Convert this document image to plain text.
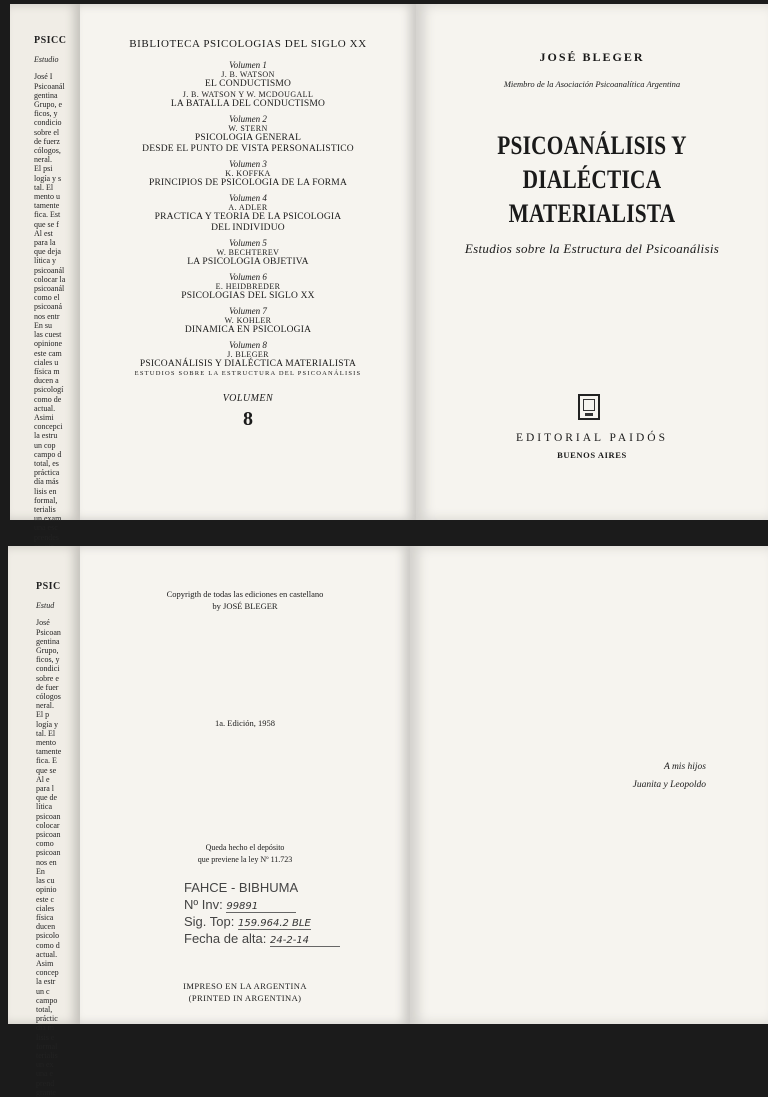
PSICC
Estudio
José I
Psicoanál
gentina
Grupo, e
ficos, y
condicio
sobre el
de fuerz
cólogos,
neral.
El psi
logía y s
tal. El
mento u
tamente
fica. Est
que se f
Al est
para la
que deja
lítica y
psicoanál
colocar la
psicoanál
como el
psicoaná
nos entr
En su
las cuest
opinione
este cam
ciales u
física m
ducen a
psicologí
como de
actual.
Asimi
concepci
la estru
un cop
campo d
total, es
práctica
día más
lisis en
formal,
terialis
un exam
una esc
prendes
BIBLIOTECA PSICOLOGIAS DEL SIGLO XX
Volumen 1
J. B. WATSON
EL CONDUCTISMO
J. B. WATSON Y W. MCDOUGALL
LA BATALLA DEL CONDUCTISMO
Volumen 2
W. STERN
PSICOLOGIA GENERAL
DESDE EL PUNTO DE VISTA PERSONALISTICO
Volumen 3
K. KOFFKA
PRINCIPIOS DE PSICOLOGIA DE LA FORMA
Volumen 4
A. ADLER
PRACTICA Y TEORIA DE LA PSICOLOGIA
DEL INDIVIDUO
Volumen 5
W. BECHTEREV
LA PSICOLOGIA OBJETIVA
Volumen 6
E. HEIDBREDER
PSICOLOGIAS DEL SIGLO XX
Volumen 7
W. KOHLER
DINAMICA EN PSICOLOGIA
Volumen 8
J. BLEGER
PSICOANÁLISIS Y DIALÉCTICA MATERIALISTA
ESTUDIOS SOBRE LA ESTRUCTURA DEL PSICOANÁLISIS
VOLUMEN
8
JOSÉ BLEGER
Miembro de la Asociación Psicoanalítica Argentina
PSICOANÁLISIS Y
DIALÉCTICA MATERIALISTA
Estudios sobre la Estructura del Psicoanálisis
EDITORIAL PAIDÓS
BUENOS AIRES
PSIC
Estud
José
Psicoan
gentina
Grupo,
ficos, y
condici
sobre e
de fuer
cólogos
neral.
El p
logía y
tal. El
mento
tamente
fica. E
que se
Al e
para l
que de
lítica
psicoan
colocar
psicoan
como
psicoan
nos en
En
las cu
opinio
este c
ciales
física
ducen
psicolo
como d
actual.
Asim
concep
la estr
un c
campo
total,
práctic
día m
lisis e
formal
terialis
un ex
una e
prend
grante
Copyrigth de todas las ediciones en castellano
by JOSÉ BLEGER
1a. Edición, 1958
Queda hecho el depósito
que previene la ley Nº 11.723
FAHCE - BIBHUMA
Nº Inv: 99891
Sig. Top: 159.964.2 BLE
Fecha de alta: 24-2-14
IMPRESO EN LA ARGENTINA
(PRINTED IN ARGENTINA)
A mis hijos
Juanita y Leopoldo
